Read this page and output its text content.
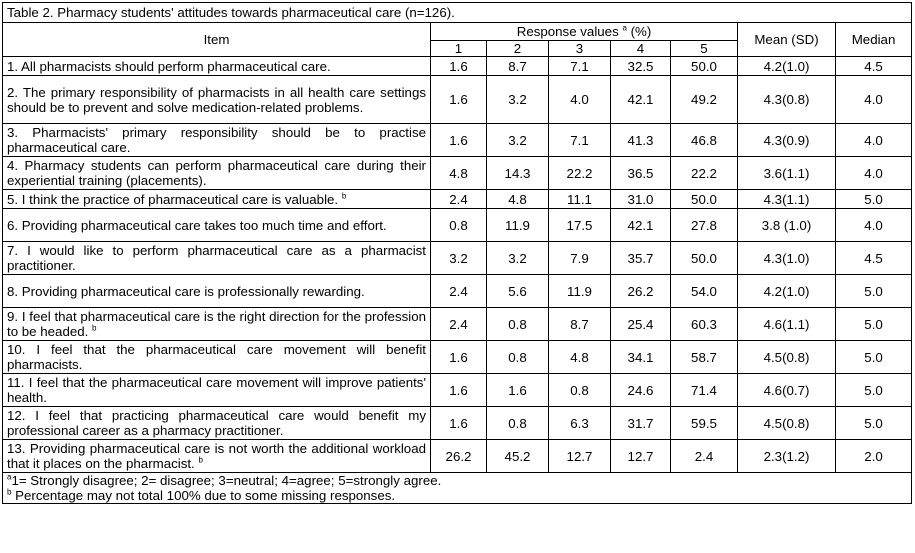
Table 2. Pharmacy students' attitudes towards pharmaceutical care (n=126).							
Item	Response values $^a$ (%)					Mean (SD)	Median
	1	2	3	4	5		
1. All pharmacists should perform pharmaceutical care.	1.6	8.7	7.1	32.5	50.0	4.2(1.0)	4.5
2. The primary responsibility of pharmacists in all health care settings should be to prevent and solve medication-related problems.	1.6	3.2	4.0	42.1	49.2	4.3(0.8)	4.0
3. Pharmacists' primary responsibility should be to practise pharmaceutical care.	1.6	3.2	7.1	41.3	46.8	4.3(0.9)	4.0
4. Pharmacy students can perform pharmaceutical care during their experiential training (placements).	4.8	14.3	22.2	36.5	22.2	3.6(1.1)	4.0
5. I think the practice of pharmaceutical care is valuable. $^b$	2.4	4.8	11.1	31.0	50.0	4.3(1.1)	5.0
6. Providing pharmaceutical care takes too much time and effort.	0.8	11.9	17.5	42.1	27.8	3.8 (1.0)	4.0
7. I would like to perform pharmaceutical care as a pharmacist practitioner.	3.2	3.2	7.9	35.7	50.0	4.3(1.0)	4.5
8. Providing pharmaceutical care is professionally rewarding.	2.4	5.6	11.9	26.2	54.0	4.2(1.0)	5.0
9. I feel that pharmaceutical care is the right direction for the profession to be headed. $^b$	2.4	0.8	8.7	25.4	60.3	4.6(1.1)	5.0
10. I feel that the pharmaceutical care movement will benefit pharmacists.	1.6	0.8	4.8	34.1	58.7	4.5(0.8)	5.0
11. I feel that the pharmaceutical care movement will improve patients' health.	1.6	1.6	0.8	24.6	71.4	4.6(0.7)	5.0
12. I feel that practicing pharmaceutical care would benefit my professional career as a pharmacy practitioner.	1.6	0.8	6.3	31.7	59.5	4.5(0.8)	5.0
13. Providing pharmaceutical care is not worth the additional workload that it places on the pharmacist. $^b$	26.2	45.2	12.7	12.7	2.4	2.3(1.2)	2.0

$^a$1= Strongly disagree; 2= disagree; 3=neutral; 4=agree; 5=strongly agree.
$^b$ Percentage may not total 100% due to some missing responses.							
